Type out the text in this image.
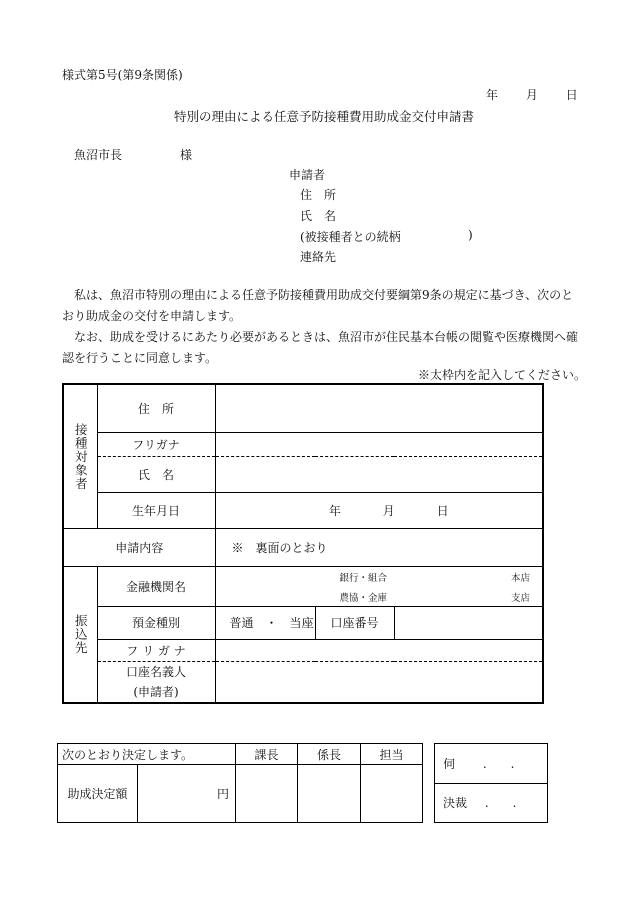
様式第5号(第9条関係)
年 月 日
特別の理由による任意予防接種費用助成金交付申請書
魚沼市長	様
申請者
住　所
氏　名
(被接種者との続柄	)
連絡先
　私は、魚沼市特別の理由による任意予防接種費用助成交付要綱第9条の規定に基づき、次のとおり助成金の交付を申請します。
　なお、助成を受けるにあたり必要があるときは、魚沼市が住民基本台帳の閲覧や医療機関へ確認を行うことに同意します。
※太枠内を記入してください。
接種対象者	住　所			
	フリガナ			
	氏　名			
	生年月日	年 月 日		
申請内容		※　裏面のとおり		

振込先	金融機関名	銀行・組合
農協・金庫
本店
支店		

	預金種別	普通　・　当座	口座番号	
	フ リ ガ ナ			

	口座名義人
(申請者)			

次のとおり決定します。		課長	係長	担当
助成決定額	円			
伺 .　　.
決裁 .　　.
